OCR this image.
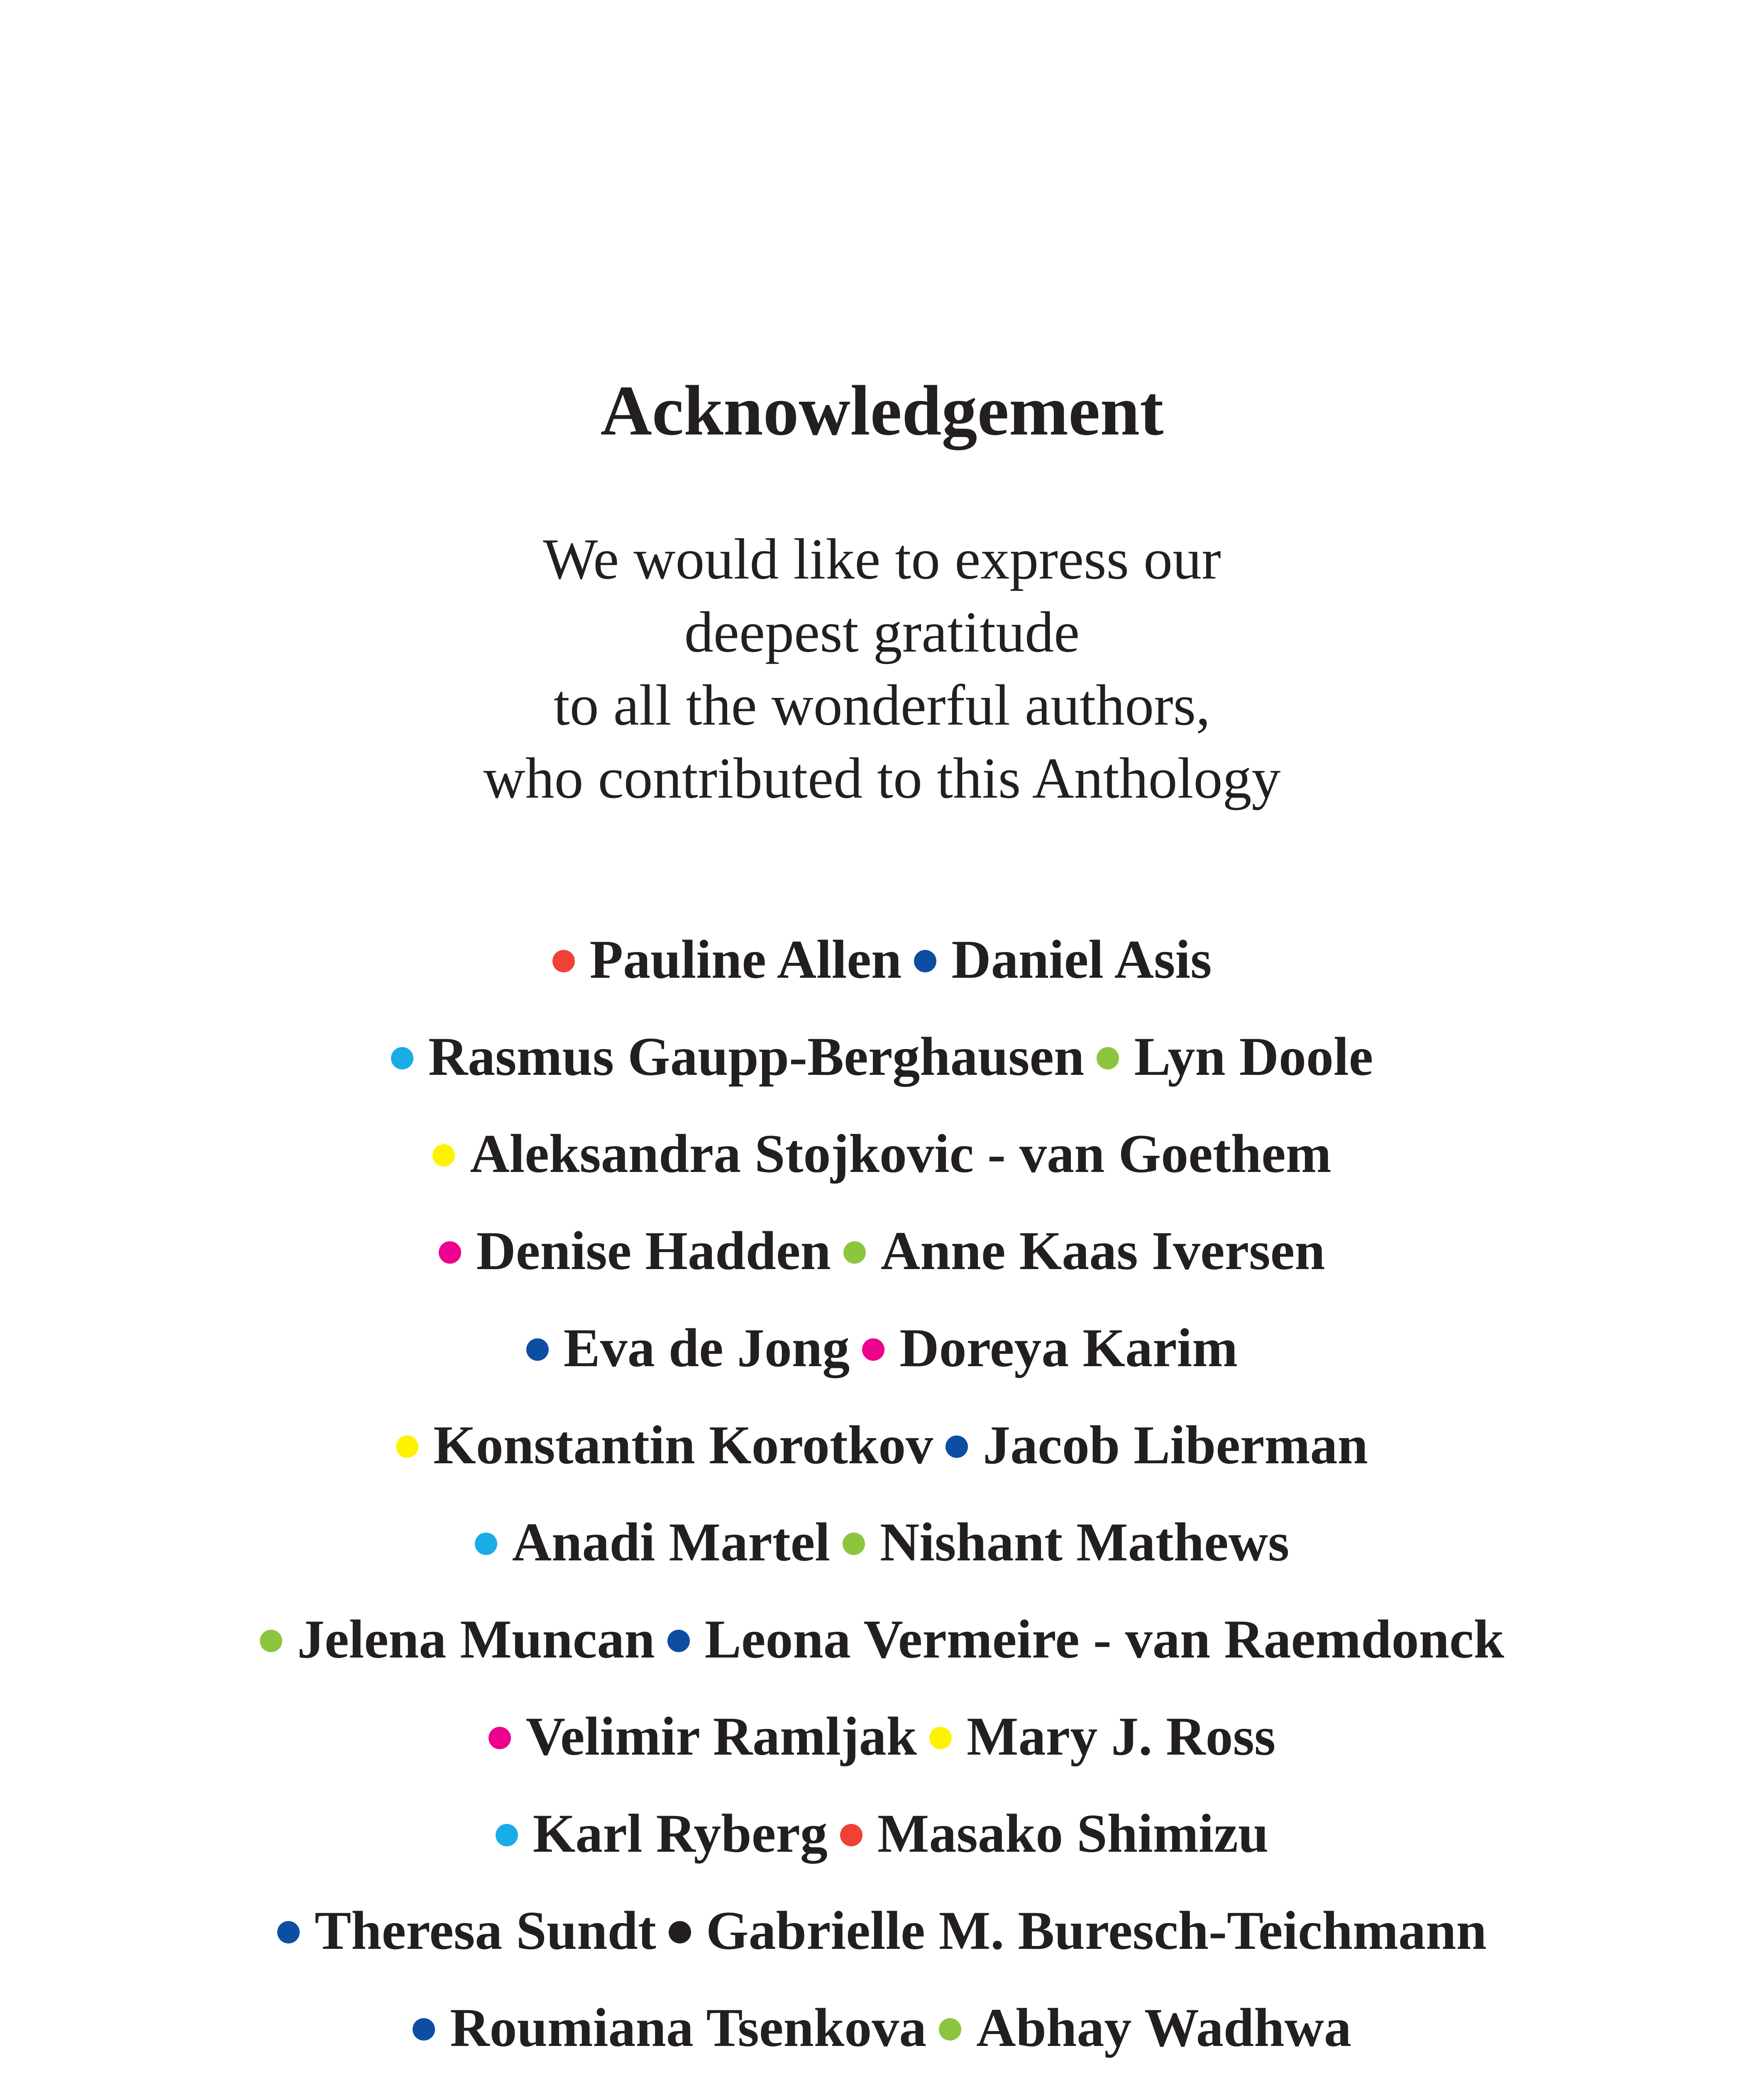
Acknowledgement
We would like to express our
deepest gratitude
to all the wonderful authors,
who contributed to this Anthology
Pauline Allen Daniel Asis
Rasmus Gaupp-Berghausen Lyn Doole
Aleksandra Stojkovic - van Goethem
Denise Hadden Anne Kaas Iversen
Eva de Jong Doreya Karim
Konstantin Korotkov Jacob Liberman
Anadi Martel Nishant Mathews
Jelena Muncan Leona Vermeire - van Raemdonck
Velimir Ramljak Mary J. Ross
Karl Ryberg Masako Shimizu
Theresa Sundt Gabrielle M. Buresch-Teichmann
Roumiana Tsenkova Abhay Wadhwa
